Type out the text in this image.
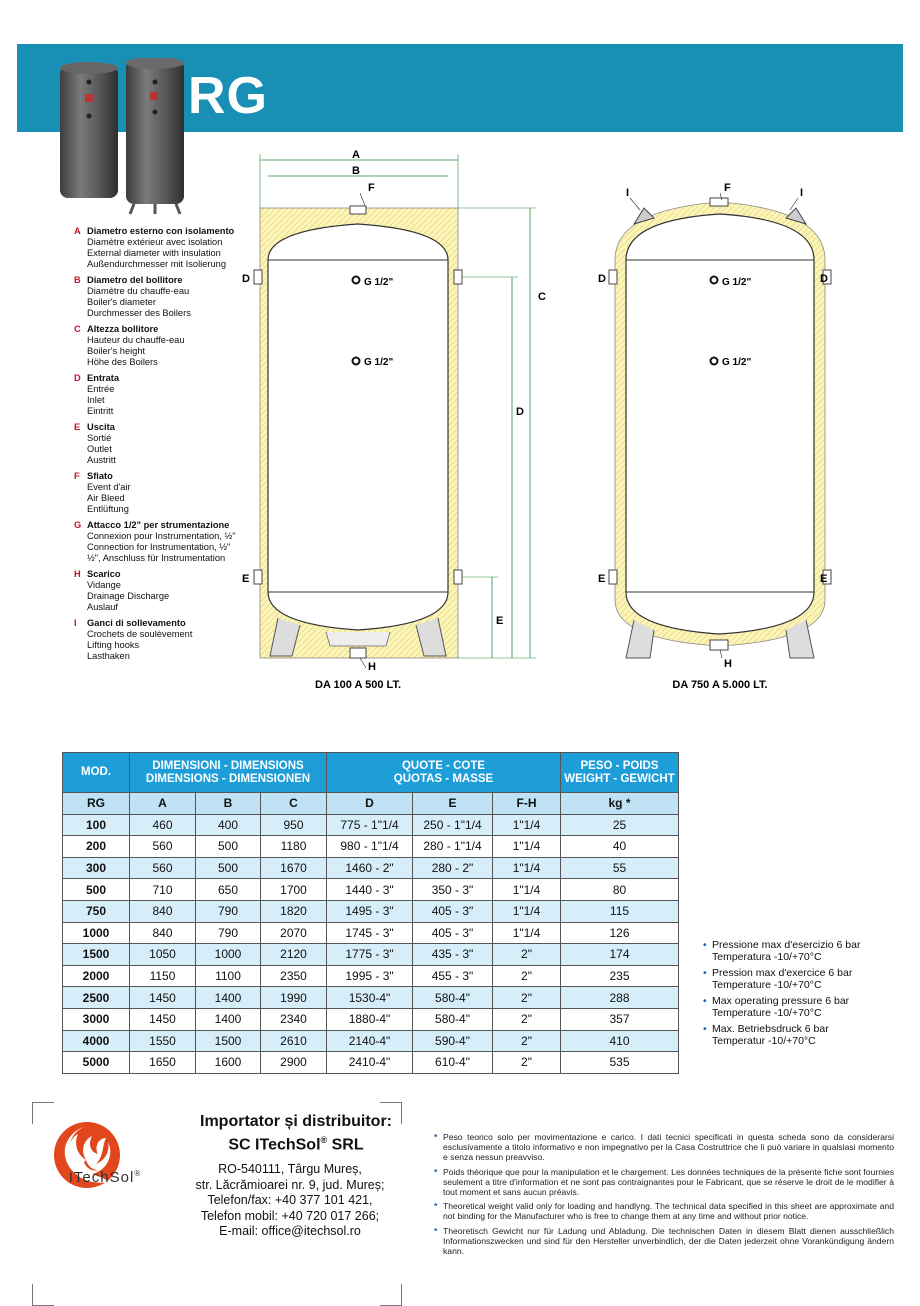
RG
A Diametro esterno con isolamento
Diamètre extérieur avec isolation
External diameter with insulation
Außendurchmesser mit Isolierung
B Diametro del bollitore
Diamètre du chauffe-eau
Boiler's diameter
Durchmesser des Boilers
C Altezza bollitore
Hauteur du chauffe-eau
Boiler's height
Höhe des Boilers
D Entrata
Entrée
Inlet
Eintritt
E Uscita
Sortié
Outlet
Austritt
F Sfiato
Event d'air
Air Bleed
Entlüftung
G Attacco 1/2" per strumentazione
Connexion pour Instrumentation, ½"
Connection for Instrumentation, ½"
½", Anschluss für Instrumentation
H Scarico
Vidange
Drainage Discharge
Auslauf
I Ganci di sollevamento
Crochets de soulèvement
Lifting hooks
Lasthaken
A
B
F
D
E
G 1/2"
G 1/2"
C
D
E
H
DA 100 A 500 LT.
I	I
F
D	D
E	E
G 1/2"
G 1/2"
H
DA 750 A 5.000 LT.
MOD.	DIMENSIONI - DIMENSIONS
DIMENSIONS - DIMENSIONEN			QUOTE - COTE
QUOTAS - MASSE			PESO - POIDS
WEIGHT - GEWICHT

RG	A	B	C	D	E	F-H	kg *
100	460	400	950	775 - 1"1/4	250 - 1"1/4	1"1/4	25
200	560	500	1180	980 - 1"1/4	280 - 1"1/4	1"1/4	40
300	560	500	1670	1460 - 2"	280 - 2"	1"1/4	55
500	710	650	1700	1440 - 3"	350 - 3"	1"1/4	80
750	840	790	1820	1495 - 3"	405 - 3"	1"1/4	115
1000	840	790	2070	1745 - 3"	405 - 3"	1"1/4	126
1500	1050	1000	2120	1775 - 3"	435 - 3"	2"	174
2000	1150	1100	2350	1995 - 3"	455 - 3"	2"	235
2500	1450	1400	1990	1530-4"	580-4"	2"	288
3000	1450	1400	2340	1880-4"	580-4"	2"	357
4000	1550	1500	2610	2140-4"	590-4"	2"	410
5000	1650	1600	2900	2410-4"	610-4"	2"	535
• Pressione max d'esercizio 6 bar
Temperatura -10/+70°C
• Pression max d'exercice 6 bar
Temperature -10/+70°C
• Max operating pressure 6 bar
Temperature -10/+70°C
• Max. Betriebsdruck 6 bar
Temperatur -10/+70°C
ITechSol®
Importator și distribuitor:
SC ITechSol® SRL
RO-540111, Târgu Mureș,
str. Lăcrămioarei nr. 9, jud. Mureș;
Telefon/fax: +40 377 101 421,
Telefon mobil: +40 720 017 266;
E-mail: office@itechsol.ro
* Peso teorico solo per movimentazione e carico. I dati tecnici specificati in questa scheda sono da considerarsi esclusivamente a titolo informativo e non impegnativo per la Casa Costruttrice che li può variare in qualsiasi momento e senza nessun preavviso.
* Poids théorique que pour la manipulation et le chargement. Les données techniques de la présente fiche sont fournies seulement a titre d'information et ne sont pas contraignantes pour le Fabricant, que se réserve le droit de le modifier à tout moment et sans aucun préavis.
* Theoretical weight valid only for loading and handlyng. The technical data specified in this sheet are approximate and not binding for the Manufacturer who is free to change them at any time and without prior notice.
* Theoretisch Gewicht nur für Ladung und Abladung. Die technischen Daten in diesem Blatt dienen ausschließlich Informationszwecken und sind für den Hersteller unverbindlich, der die Daten jederzeit ohne Vorankündigung ändern kann.
